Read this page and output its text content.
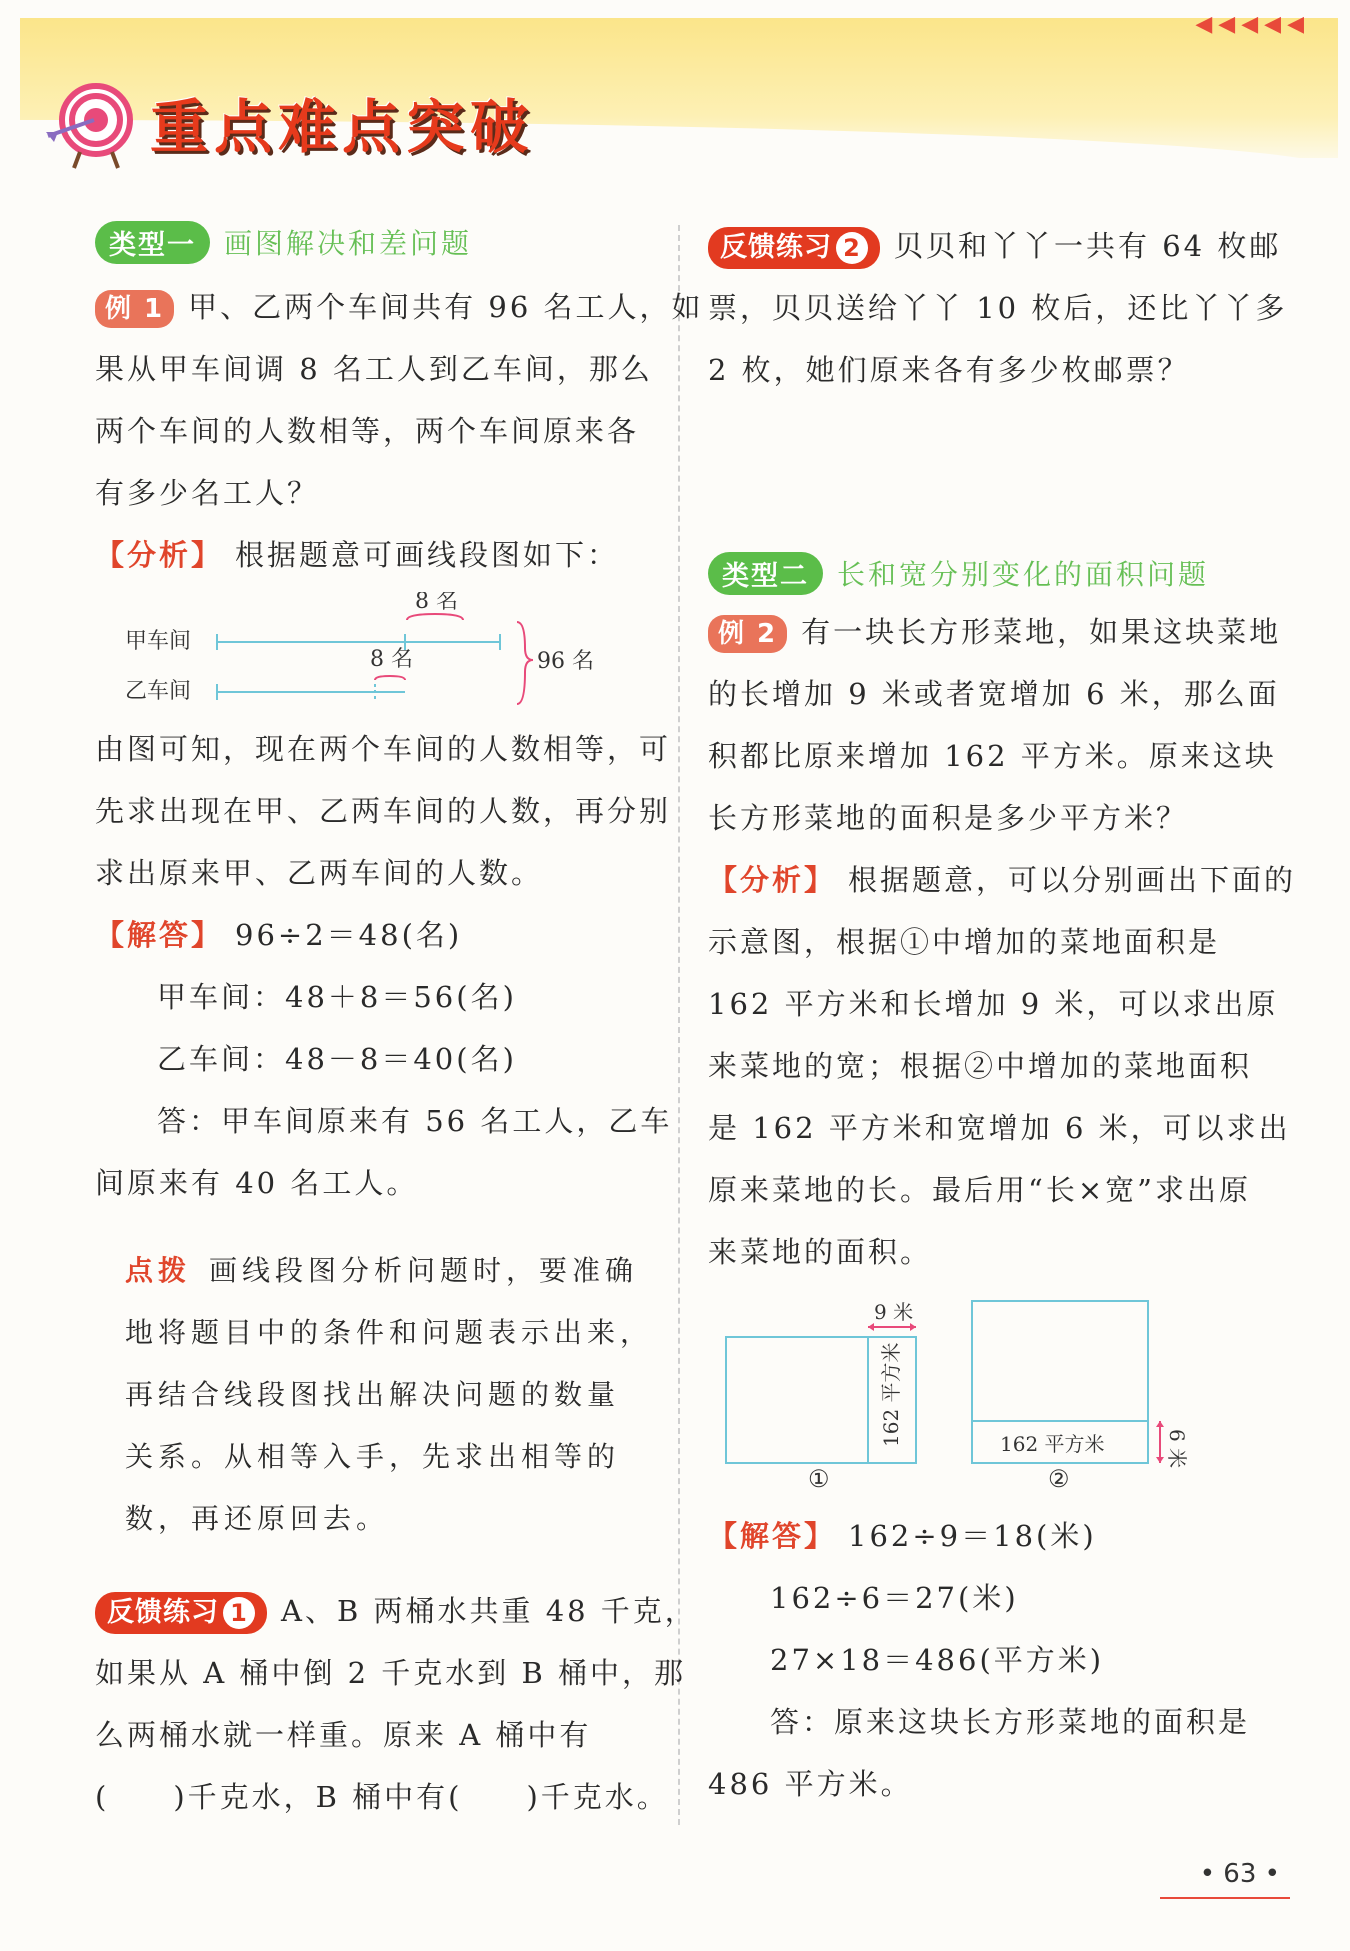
◀◀◀◀◀
重点难点突破
类型一	画图解决和差问题
例 1 甲、乙两个车间共有 96 名工人，如
果从甲车间调 8 名工人到乙车间，那么
两个车间的人数相等，两个车间原来各
有多少名工人？
【分析】 根据题意可画线段图如下：
甲车间
乙车间
8 名
8 名	96 名
由图可知，现在两个车间的人数相等，可
先求出现在甲、乙两车间的人数，再分别
求出原来甲、乙两车间的人数。
【解答】 96÷2＝48(名)
甲车间：48＋8＝56(名)
乙车间：48－8＝40(名)
答：甲车间原来有 56 名工人，乙车
间原来有 40 名工人。
点拨 画线段图分析问题时，要准确
地将题目中的条件和问题表示出来，
再结合线段图找出解决问题的数量
关系。从相等入手，先求出相等的
数，再还原回去。
反馈练习 1 A、B 两桶水共重 48 千克，
如果从 A 桶中倒 2 千克水到 B 桶中，那
么两桶水就一样重。原来 A 桶中有
(　　)千克水，B 桶中有(　　)千克水。
反馈练习 2 贝贝和丫丫一共有 64 枚邮
票，贝贝送给丫丫 10 枚后，还比丫丫多
2 枚，她们原来各有多少枚邮票？
类型二	长和宽分别变化的面积问题
例 2 有一块长方形菜地，如果这块菜地
的长增加 9 米或者宽增加 6 米，那么面
积都比原来增加 162 平方米。原来这块
长方形菜地的面积是多少平方米？
【分析】 根据题意，可以分别画出下面的
示意图，根据①中增加的菜地面积是
162 平方米和长增加 9 米，可以求出原
来菜地的宽；根据②中增加的菜地面积
是 162 平方米和宽增加 6 米，可以求出
原来菜地的长。最后用“长×宽”求出原
来菜地的面积。
9 米
162 平方米
①
162 平方米	6 米
②
【解答】 162÷9＝18(米)
162÷6＝27(米)
27×18＝486(平方米)
答：原来这块长方形菜地的面积是
486 平方米。
• 63 •
